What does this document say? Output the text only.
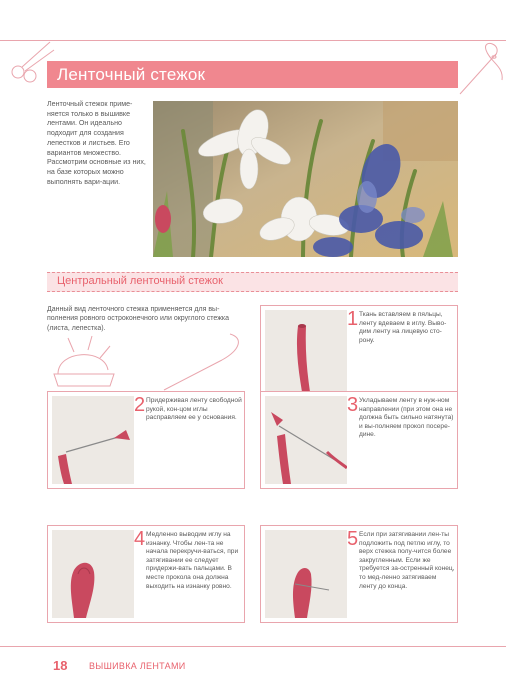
Ленточный стежок
Ленточный стежок приме-няется только в вышивке лентами. Он идеально подходит для создания лепестков и листьев. Его вариантов множество. Рассмотрим основные из них, на базе которых можно выполнять вари-ации.
Центральный ленточный стежок
Данный вид ленточного стежка применяется для вы-полнения ровного остроконечного или округлого стежка (листа, лепестка).	1 Ткань вставляем в пяльцы, ленту вдеваем в иглу. Выво-дим ленту на лицевую сто-рону.
2 Придерживая ленту свободной рукой, кон-цом иглы расправляем ее у основания.
3 Укладываем ленту в нуж-ном направлении (при этом она не должна быть сильно натянута) и вы-полняем прокол посере-дине.
4 Медленно выводим иглу на изнанку. Чтобы лен-та не начала перекручи-ваться, при затягивании ее следует придержи-вать пальцами. В месте прокола она должна выходить на изнанку ровно.
5 Если при затягивании лен-ты подложить под петлю иглу, то верх стежка полу-чится более закругленным. Если же требуется за-остренный конец, то мед-ленно затягиваем ленту до конца.
18 ВЫШИВКА ЛЕНТАМИ
